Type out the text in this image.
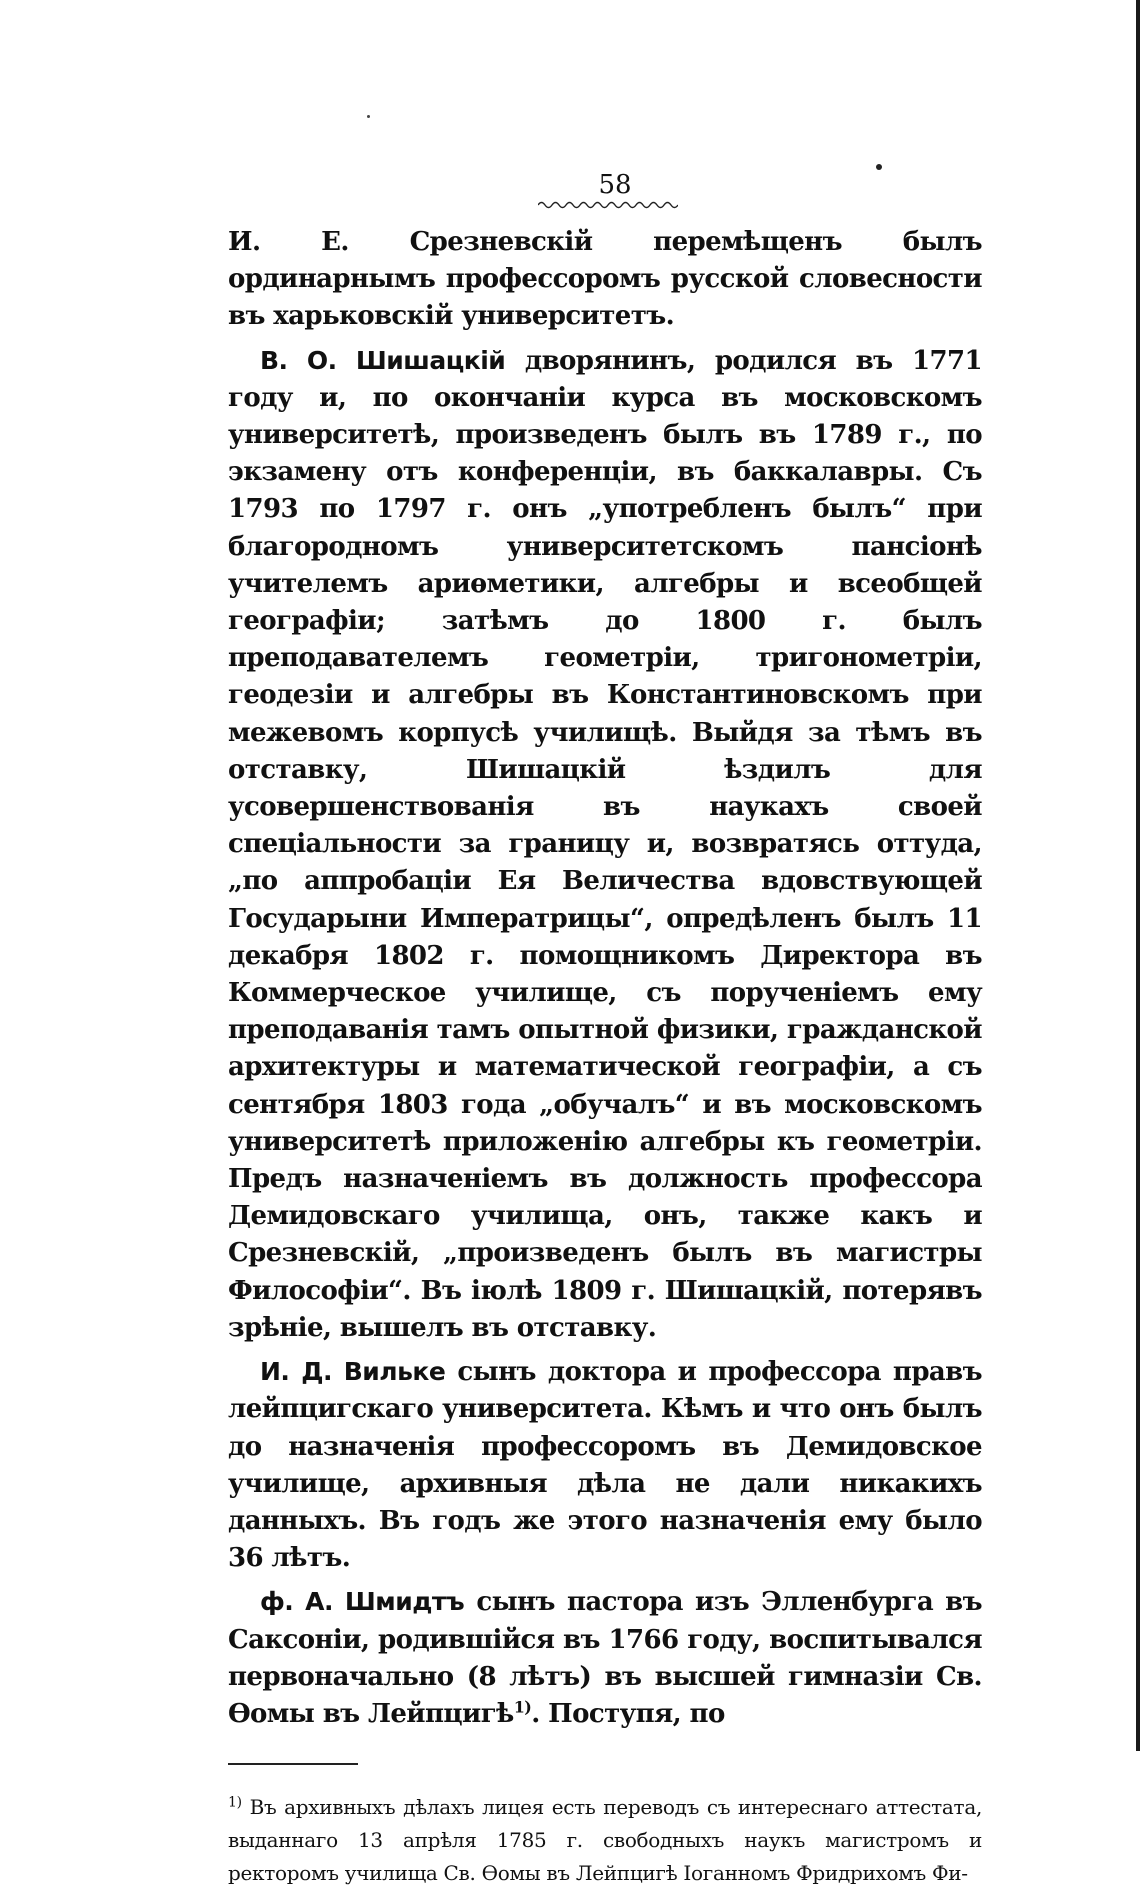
58

И. Е. Срезневскій перемѣщенъ былъ ординарнымъ профессоромъ русской словесности въ харьковскій университетъ.

В. О. Шишацкій дворянинъ, родился въ 1771 году и, по окончаніи курса въ московскомъ университетѣ, произведенъ былъ въ 1789 г., по экзамену отъ конференціи, въ баккалавры. Съ 1793 по 1797 г. онъ „употребленъ былъ“ при благородномъ университетскомъ пансіонѣ учителемъ ариѳметики, алгебры и всеобщей географіи; затѣмъ до 1800 г. былъ преподавателемъ геометріи, тригонометріи, геодезіи и алгебры въ Константиновскомъ при межевомъ корпусѣ училищѣ. Выйдя за тѣмъ въ отставку, Шишацкій ѣздилъ для усовершенствованія въ наукахъ своей спеціальности за границу и, возвратясь оттуда, „по аппробаціи Ея Величества вдовствующей Государыни Императрицы“, опредѣленъ былъ 11 декабря 1802 г. помощникомъ Директора въ Коммерческое училище, съ порученіемъ ему преподаванія тамъ опытной физики, гражданской архитектуры и математической географіи, а съ сентября 1803 года „обучалъ“ и въ московскомъ университетѣ приложенію алгебры къ геометріи. Предъ назначеніемъ въ должность профессора Демидовскаго училища, онъ, также какъ и Срезневскій, „произведенъ былъ въ магистры Философіи“. Въ іюлѣ 1809 г. Шишацкій, потерявъ зрѣніе, вышелъ въ отставку.

И. Д. Вильке сынъ доктора и профессора правъ лейпцигскаго университета. Кѣмъ и что онъ былъ до назначенія профессоромъ въ Демидовское училище, архивныя дѣла не дали никакихъ данныхъ. Въ годъ же этого назначенія ему было 36 лѣтъ.

ф. А. Шмидтъ сынъ пастора изъ Элленбурга въ Саксоніи, родившійся въ 1766 году, воспитывался первоначально (8 лѣтъ) въ высшей гимназіи Св. Ѳомы въ Лейпцигѣ$^{1)}$. Поступя, по

$^{1)}$ Въ архивныхъ дѣлахъ лицея есть переводъ съ интереснаго аттестата, выданнаго 13 апрѣля 1785 г. свободныхъ наукъ магистромъ и ректоромъ училища Св. Ѳомы въ Лейпцигѣ Іоганномъ Фридрихомъ Фи-
